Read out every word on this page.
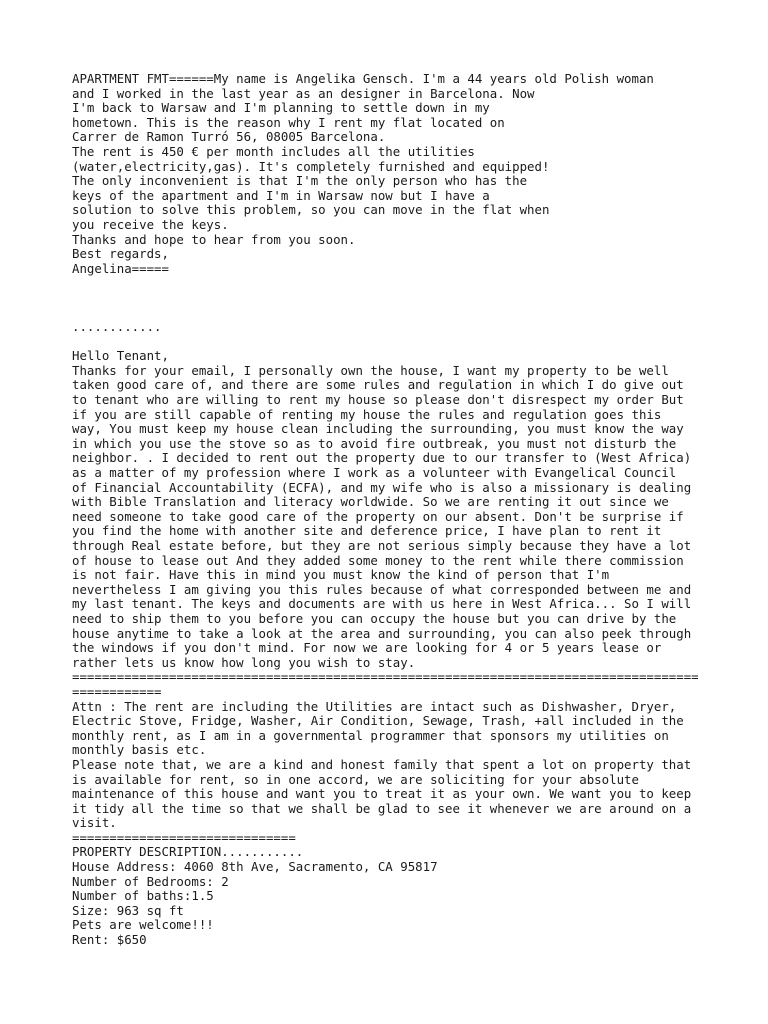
APARTMENT FMT======My name is Angelika Gensch. I'm a 44 years old Polish woman
and I worked in the last year as an designer in Barcelona. Now
I'm back to Warsaw and I'm planning to settle down in my
hometown. This is the reason why I rent my flat located on
Carrer de Ramon Turró 56, 08005 Barcelona.
The rent is 450 € per month includes all the utilities
(water,electricity,gas). It's completely furnished and equipped!
The only inconvenient is that I'm the only person who has the
keys of the apartment and I'm in Warsaw now but I have a
solution to solve this problem, so you can move in the flat when
you receive the keys.
Thanks and hope to hear from you soon.
Best regards,
Angelina=====
............
Hello Tenant,
Thanks for your email, I personally own the house, I want my property to be well
taken good care of, and there are some rules and regulation in which I do give out
to tenant who are willing to rent my house so please don't disrespect my order But
if you are still capable of renting my house the rules and regulation goes this
way, You must keep my house clean including the surrounding, you must know the way
in which you use the stove so as to avoid fire outbreak, you must not disturb the
neighbor. . I decided to rent out the property due to our transfer to (West Africa)
as a matter of my profession where I work as a volunteer with Evangelical Council
of Financial Accountability (ECFA), and my wife who is also a missionary is dealing
with Bible Translation and literacy worldwide. So we are renting it out since we
need someone to take good care of the property on our absent. Don't be surprise if
you find the home with another site and deference price, I have plan to rent it
through Real estate before, but they are not serious simply because they have a lot
of house to lease out And they added some money to the rent while there commission
is not fair. Have this in mind you must know the kind of person that I'm
nevertheless I am giving you this rules because of what corresponded between me and
my last tenant. The keys and documents are with us here in West Africa... So I will
need to ship them to you before you can occupy the house but you can drive by the
house anytime to take a look at the area and surrounding, you can also peek through
the windows if you don't mind. For now we are looking for 4 or 5 years lease or
rather lets us know how long you wish to stay.
====================================================================================
============
Attn : The rent are including the Utilities are intact such as Dishwasher, Dryer,
Electric Stove, Fridge, Washer, Air Condition, Sewage, Trash, +all included in the
monthly rent, as I am in a governmental programmer that sponsors my utilities on
monthly basis etc.
Please note that, we are a kind and honest family that spent a lot on property that
is available for rent, so in one accord, we are soliciting for your absolute
maintenance of this house and want you to treat it as your own. We want you to keep
it tidy all the time so that we shall be glad to see it whenever we are around on a
visit.
==============================
PROPERTY DESCRIPTION...........
House Address: 4060 8th Ave, Sacramento, CA 95817
Number of Bedrooms: 2
Number of baths:1.5
Size: 963 sq ft
Pets are welcome!!!
Rent: $650
